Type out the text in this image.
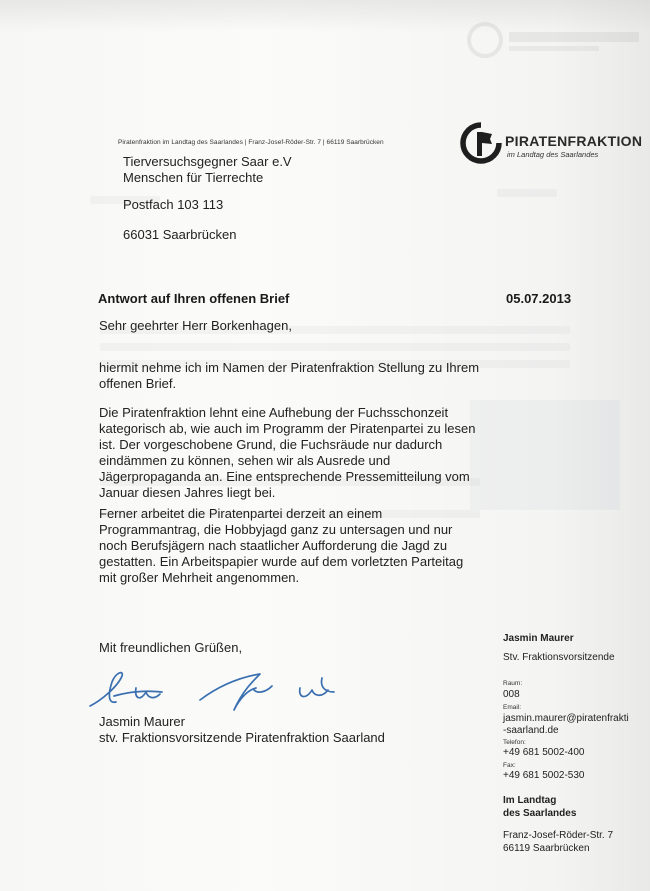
Piratenfraktion im Landtag des Saarlandes | Franz-Josef-Röder-Str. 7 | 66119 Saarbrücken	PIRATENFRAKTION
im Landtag des Saarlandes
Tierversuchsgegner Saar e.V
Menschen für Tierrechte
Postfach 103 113
66031 Saarbrücken
Antwort auf Ihren offenen Brief	05.07.2013
Sehr geehrter Herr Borkenhagen,
hiermit nehme ich im Namen der Piratenfraktion Stellung zu Ihrem offenen Brief.
Die Piratenfraktion lehnt eine Aufhebung der Fuchsschonzeit kategorisch ab, wie auch im Programm der Piratenpartei zu lesen ist. Der vorgeschobene Grund, die Fuchsräude nur dadurch eindämmen zu können, sehen wir als Ausrede und Jägerpropaganda an. Eine entsprechende Pressemitteilung vom Januar diesen Jahres liegt bei.
Ferner arbeitet die Piratenpartei derzeit an einem Programmantrag, die Hobbyjagd ganz zu untersagen und nur noch Berufsjägern nach staatlicher Aufforderung die Jagd zu gestatten. Ein Arbeitspapier wurde auf dem vorletzten Parteitag mit großer Mehrheit angenommen.
Mit freundlichen Grüßen,
Jasmin Maurer
stv. Fraktionsvorsitzende Piratenfraktion Saarland
Jasmin Maurer
Stv. Fraktionsvorsitzende
Raum:
008
Email:
jasmin.maurer@piratenfrakti
-saarland.de
Telefon:
+49 681 5002-400
Fax:
+49 681 5002-530
Im Landtag
des Saarlandes
Franz-Josef-Röder-Str. 7
66119 Saarbrücken
